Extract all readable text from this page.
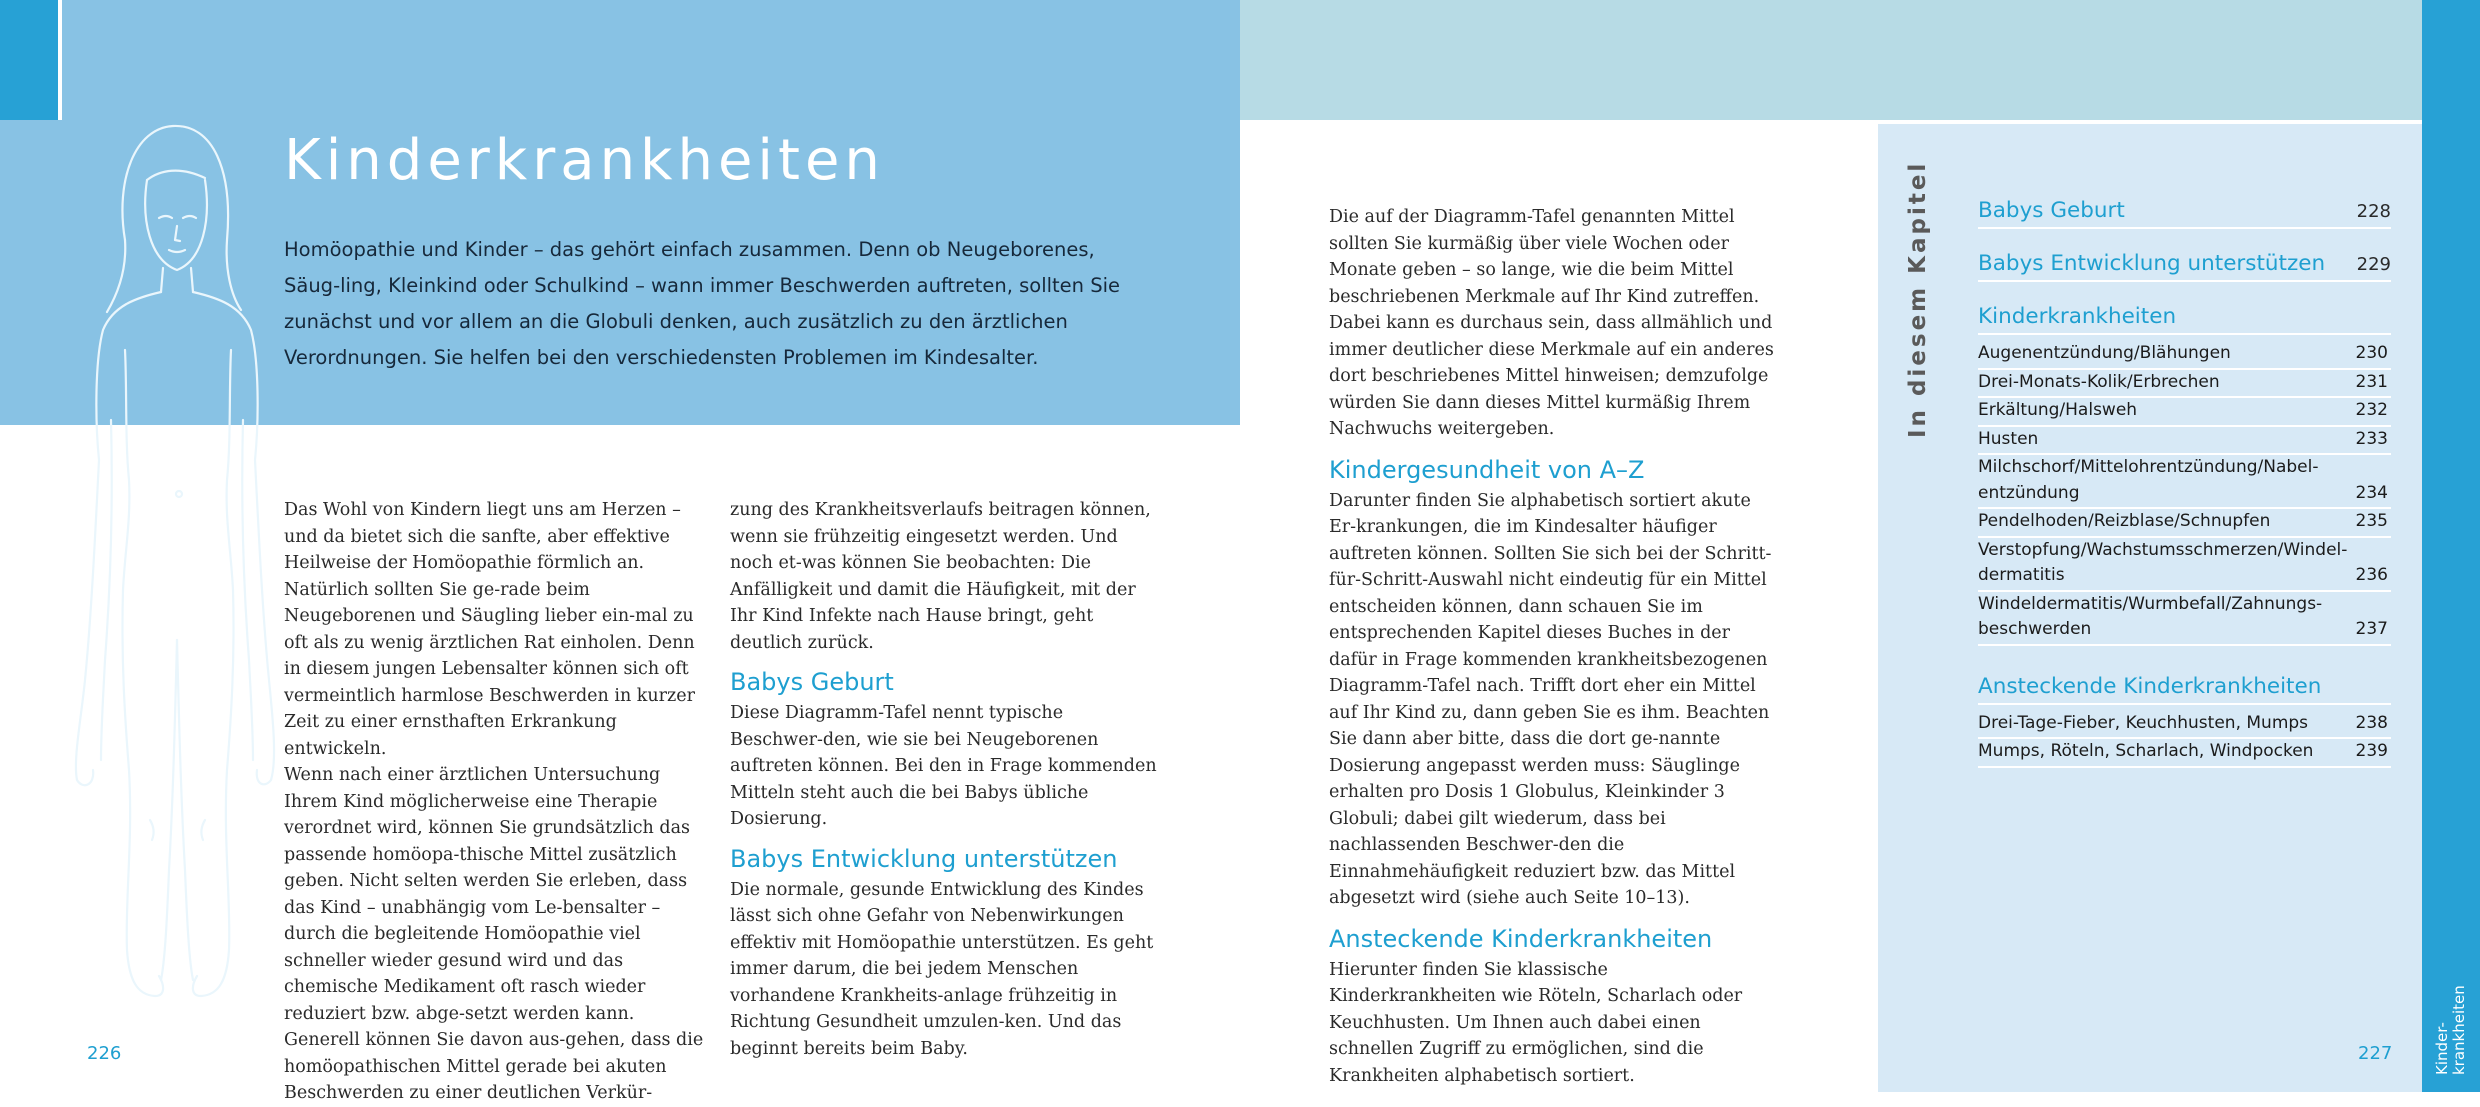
Kinderkrankheiten

Homöopathie und Kinder – das gehört einfach zusammen. Denn ob Neugeborenes, Säug-ling, Kleinkind oder Schulkind – wann immer Beschwerden auftreten, sollten Sie zunächst und vor allem an die Globuli denken, auch zusätzlich zu den ärztlichen Verordnungen. Sie helfen bei den verschiedensten Problemen im Kindesalter.

Das Wohl von Kindern liegt uns am Herzen – und da bietet sich die sanfte, aber effektive Heilweise der Homöopathie förmlich an. Natürlich sollten Sie ge-rade beim Neugeborenen und Säugling lieber ein-mal zu oft als zu wenig ärztlichen Rat einholen. Denn in diesem jungen Lebensalter können sich oft vermeintlich harmlose Beschwerden in kurzer Zeit zu einer ernsthaften Erkrankung entwickeln.

Wenn nach einer ärztlichen Untersuchung Ihrem Kind möglicherweise eine Therapie verordnet wird, können Sie grundsätzlich das passende homöopa-thische Mittel zusätzlich geben. Nicht selten werden Sie erleben, dass das Kind – unabhängig vom Le-bensalter – durch die begleitende Homöopathie viel schneller wieder gesund wird und das chemische Medikament oft rasch wieder reduziert bzw. abge-setzt werden kann. Generell können Sie davon aus-gehen, dass die homöopathischen Mittel gerade bei akuten Beschwerden zu einer deutlichen Verkür-

zung des Krankheitsverlaufs beitragen können, wenn sie frühzeitig eingesetzt werden. Und noch et-was können Sie beobachten: Die Anfälligkeit und damit die Häufigkeit, mit der Ihr Kind Infekte nach Hause bringt, geht deutlich zurück.

Babys Geburt

Diese Diagramm-Tafel nennt typische Beschwer-den, wie sie bei Neugeborenen auftreten können. Bei den in Frage kommenden Mitteln steht auch die bei Babys übliche Dosierung.

Babys Entwicklung unterstützen

Die normale, gesunde Entwicklung des Kindes lässt sich ohne Gefahr von Nebenwirkungen effektiv mit Homöopathie unterstützen. Es geht immer darum, die bei jedem Menschen vorhandene Krankheits-anlage frühzeitig in Richtung Gesundheit umzulen-ken. Und das beginnt bereits beim Baby.

Die auf der Diagramm-Tafel genannten Mittel sollten Sie kurmäßig über viele Wochen oder Monate geben – so lange, wie die beim Mittel beschriebenen Merkmale auf Ihr Kind zutreffen. Dabei kann es durchaus sein, dass allmählich und immer deutlicher diese Merkmale auf ein anderes dort beschriebenes Mittel hinweisen; demzufolge würden Sie dann dieses Mittel kurmäßig Ihrem Nachwuchs weitergeben.

Kindergesundheit von A–Z

Darunter finden Sie alphabetisch sortiert akute Er-krankungen, die im Kindesalter häufiger auftreten können. Sollten Sie sich bei der Schritt-für-Schritt-Auswahl nicht eindeutig für ein Mittel entscheiden können, dann schauen Sie im entsprechenden Kapitel dieses Buches in der dafür in Frage kommenden krankheitsbezogenen Diagramm-Tafel nach. Trifft dort eher ein Mittel auf Ihr Kind zu, dann geben Sie es ihm. Beachten Sie dann aber bitte, dass die dort ge-nannte Dosierung angepasst werden muss: Säuglinge erhalten pro Dosis 1 Globulus, Kleinkinder 3 Globuli; dabei gilt wiederum, dass bei nachlassenden Beschwer-den die Einnahmehäufigkeit reduziert bzw. das Mittel abgesetzt wird (siehe auch Seite 10–13).

Ansteckende Kinderkrankheiten

Hierunter finden Sie klassische Kinderkrankheiten wie Röteln, Scharlach oder Keuchhusten. Um Ihnen auch dabei einen schnellen Zugriff zu ermöglichen, sind die Krankheiten alphabetisch sortiert.

In diesem Kapitel Babys Geburt	228
Babys Entwicklung unterstützen 229
Kinderkrankheiten
Augenentzündung/Blähungen	230
Drei-Monats-Kolik/Erbrechen	231
Erkältung/Halsweh	232
Husten	233
Milchschorf/Mittelohrentzündung/Nabel-entzündung	234
Pendelhoden/Reizblase/Schnupfen	235
Verstopfung/Wachstumsschmerzen/Windel-dermatitis	236
Windeldermatitis/Wurmbefall/Zahnungs-beschwerden	237
Ansteckende Kinderkrankheiten
Drei-Tage-Fieber, Keuchhusten, Mumps	238
Mumps, Röteln, Scharlach, Windpocken	239
226	227	Kinder-krankheiten
